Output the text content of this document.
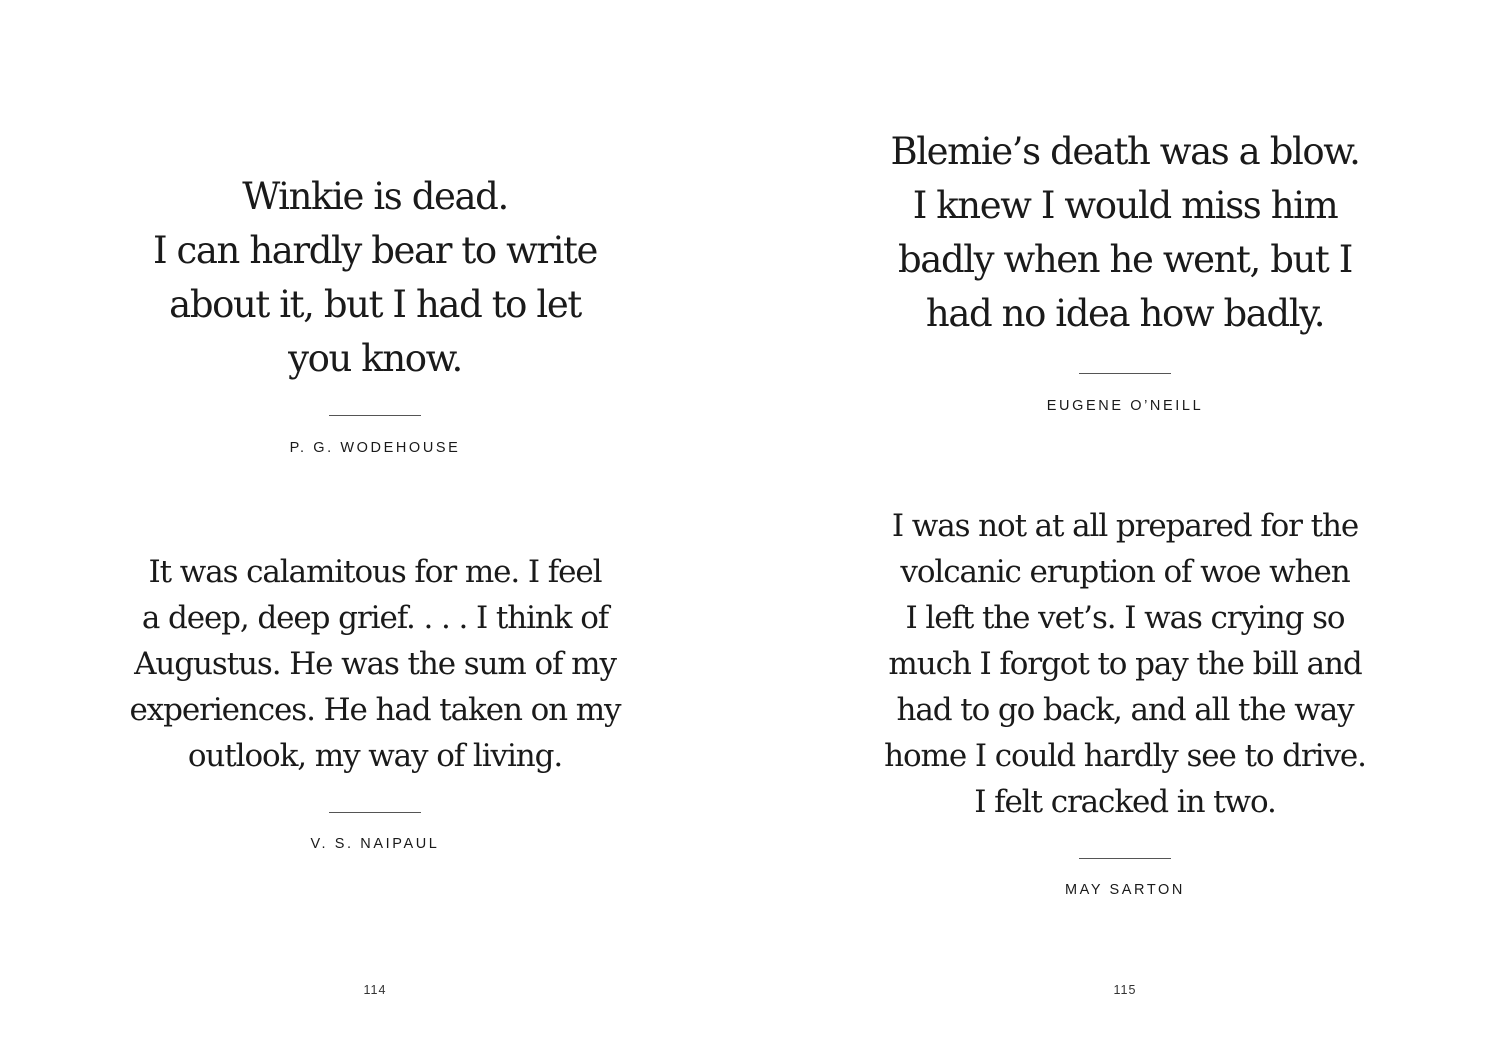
Winkie is dead.
I can hardly bear to write
about it, but I had to let
you know.

P. G. WODEHOUSE

It was calamitous for me. I feel
a deep, deep grief. . . . I think of
Augustus. He was the sum of my
experiences. He had taken on my
outlook, my way of living.

V. S. NAIPAUL

114
Blemie’s death was a blow.
I knew I would miss him
badly when he went, but I
had no idea how badly.

EUGENE O’NEILL

I was not at all prepared for the
volcanic eruption of woe when
I left the vet’s. I was crying so
much I forgot to pay the bill and
had to go back, and all the way
home I could hardly see to drive.
I felt cracked in two.

MAY SARTON

115
